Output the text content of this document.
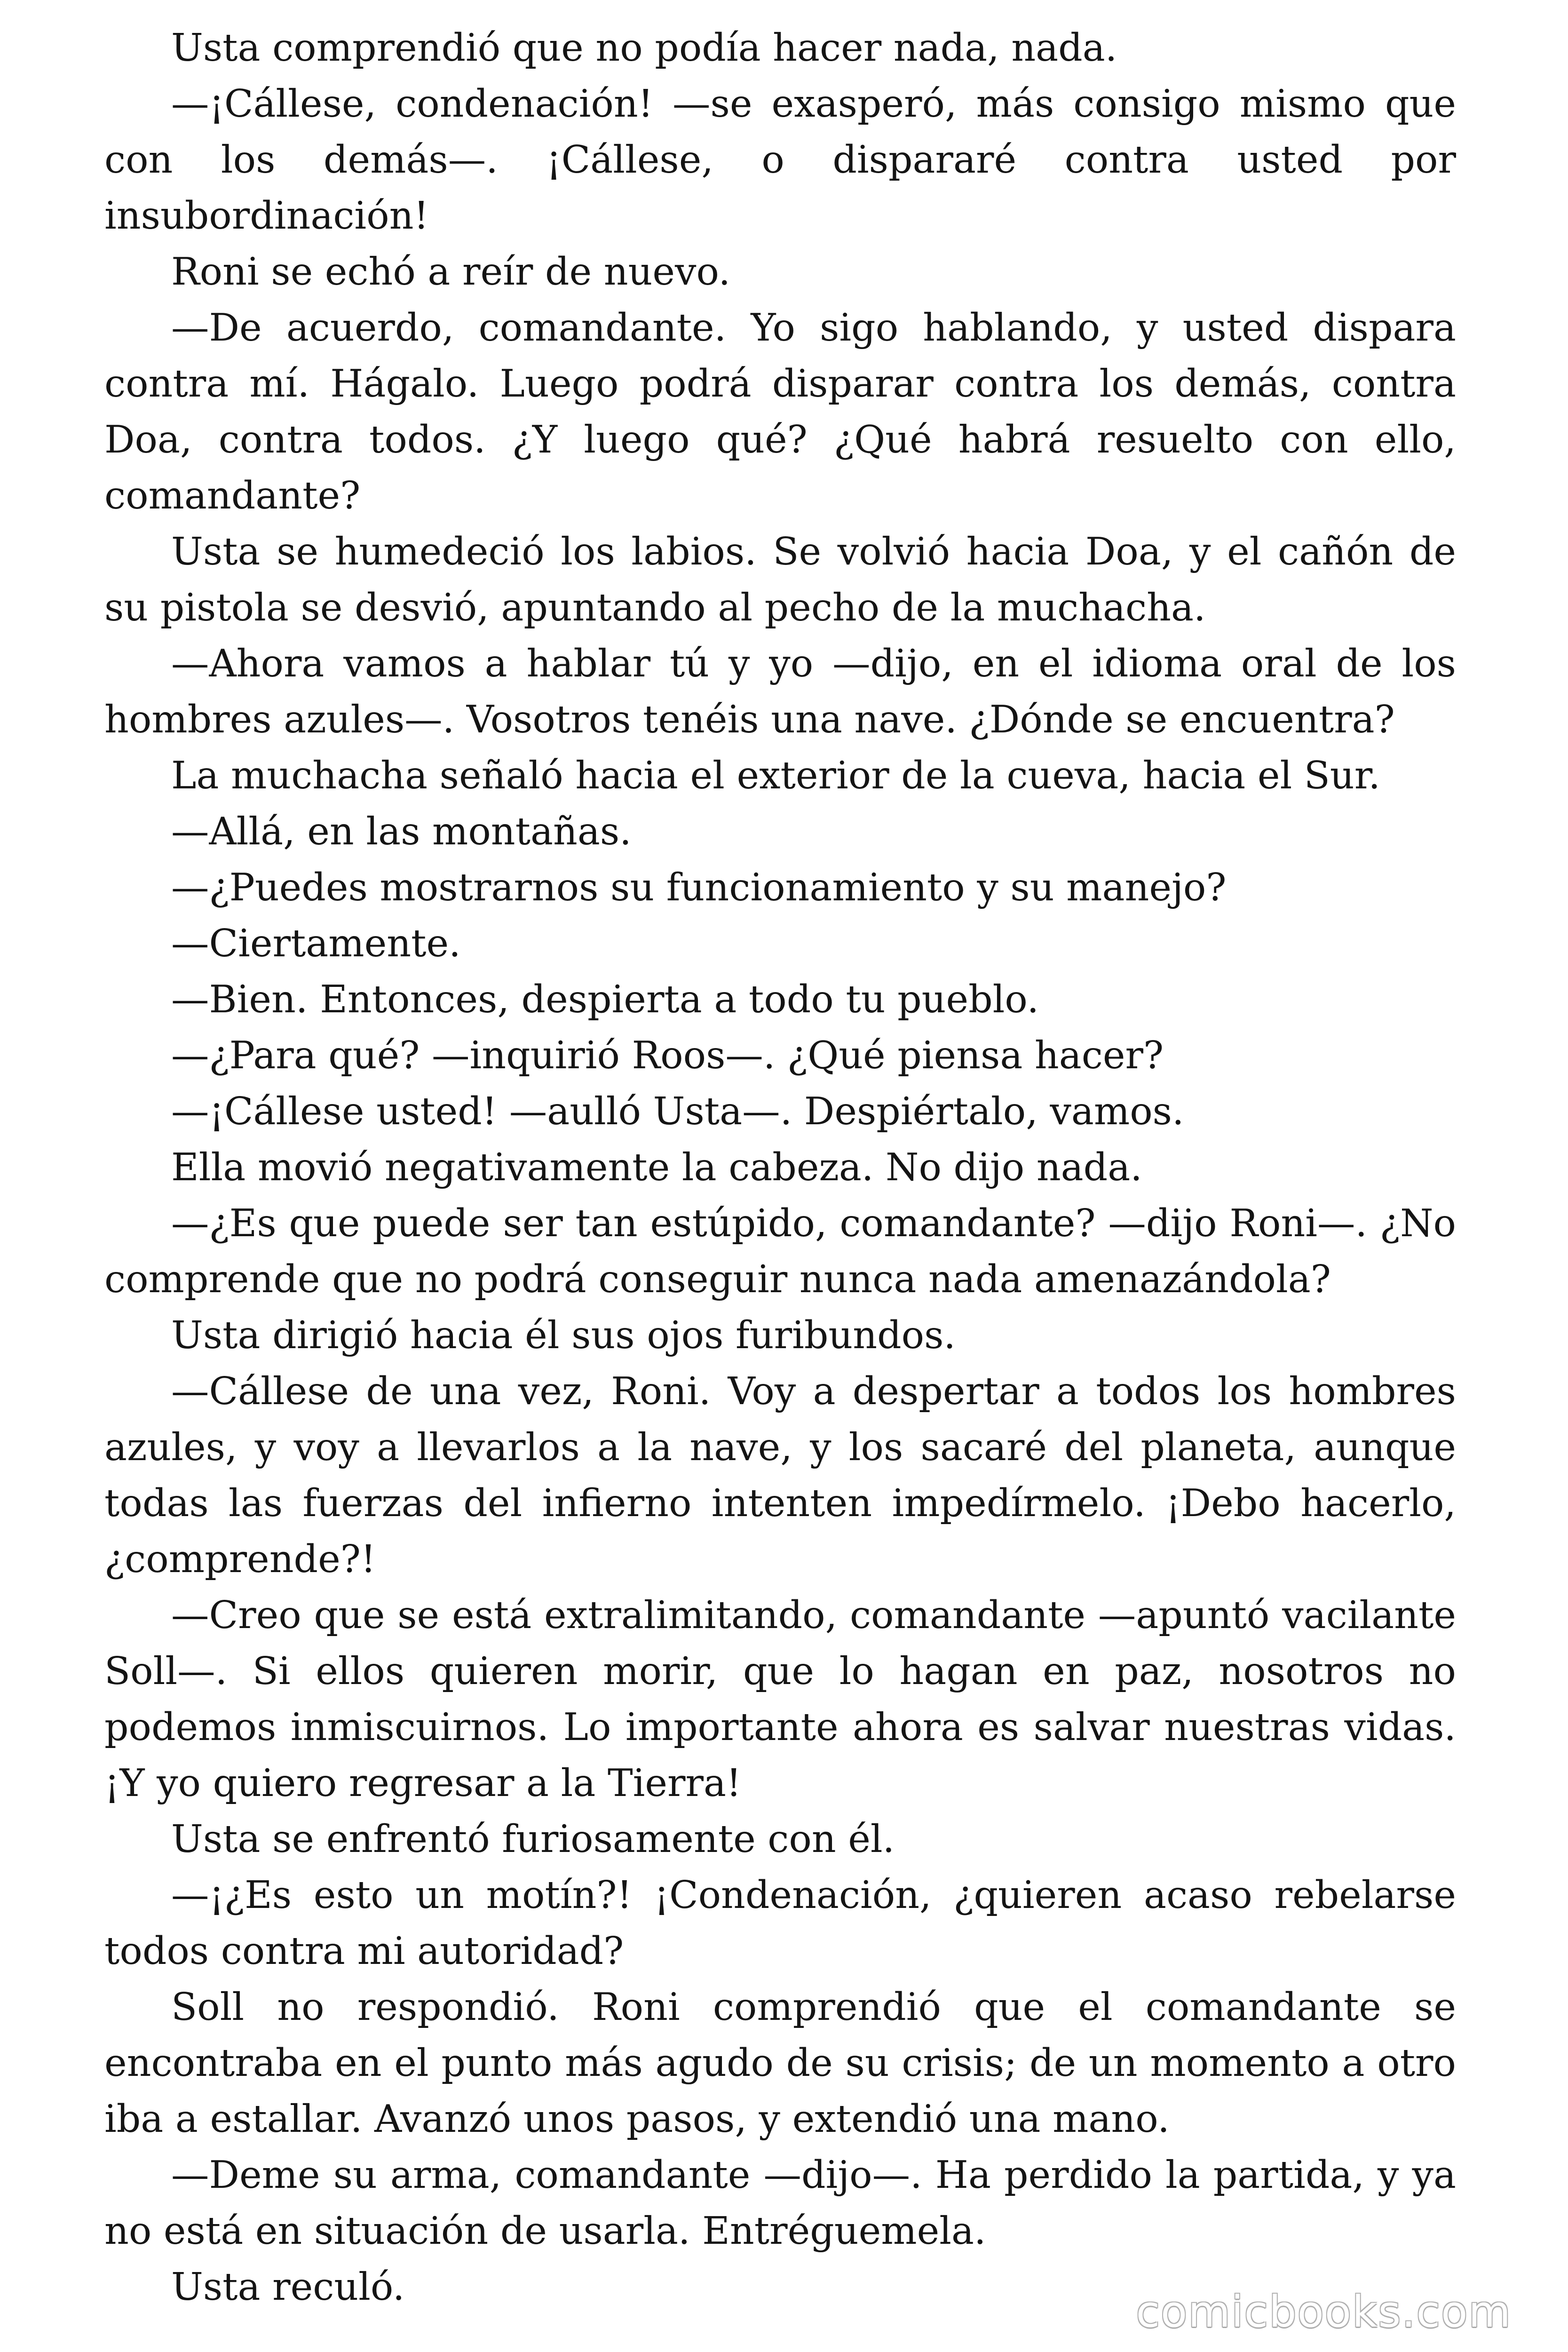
Usta comprendió que no podía hacer nada, nada.

—¡Cállese, condenación! —se exasperó, más consigo mismo que con los demás—. ¡Cállese, o dispararé contra usted por insubordinación!

Roni se echó a reír de nuevo.

—De acuerdo, comandante. Yo sigo hablando, y usted dispara contra mí. Hágalo. Luego podrá disparar contra los demás, contra Doa, contra todos. ¿Y luego qué? ¿Qué habrá resuelto con ello, comandante?

Usta se humedeció los labios. Se volvió hacia Doa, y el cañón de su pistola se desvió, apuntando al pecho de la muchacha.

—Ahora vamos a hablar tú y yo —dijo, en el idioma oral de los hombres azules—. Vosotros tenéis una nave. ¿Dónde se encuentra?

La muchacha señaló hacia el exterior de la cueva, hacia el Sur.

—Allá, en las montañas.

—¿Puedes mostrarnos su funcionamiento y su manejo?

—Ciertamente.

—Bien. Entonces, despierta a todo tu pueblo.

—¿Para qué? —inquirió Roos—. ¿Qué piensa hacer?

—¡Cállese usted! —aulló Usta—. Despiértalo, vamos.

Ella movió negativamente la cabeza. No dijo nada.

—¿Es que puede ser tan estúpido, comandante? —dijo Roni—. ¿No comprende que no podrá conseguir nunca nada amenazándola?

Usta dirigió hacia él sus ojos furibundos.

—Cállese de una vez, Roni. Voy a despertar a todos los hombres azules, y voy a llevarlos a la nave, y los sacaré del planeta, aunque todas las fuerzas del infierno intenten impedírmelo. ¡Debo hacerlo, ¿comprende?!

—Creo que se está extralimitando, comandante —apuntó vacilante Soll—. Si ellos quieren morir, que lo hagan en paz, nosotros no podemos inmiscuirnos. Lo importante ahora es salvar nuestras vidas. ¡Y yo quiero regresar a la Tierra!

Usta se enfrentó furiosamente con él.

—¡¿Es esto un motín?! ¡Condenación, ¿quieren acaso rebelarse todos contra mi autoridad?

Soll no respondió. Roni comprendió que el comandante se encontraba en el punto más agudo de su crisis; de un momento a otro iba a estallar. Avanzó unos pasos, y extendió una mano.

—Deme su arma, comandante —dijo—. Ha perdido la partida, y ya no está en situación de usarla. Entréguemela.

Usta reculó.	comicbooks.com
